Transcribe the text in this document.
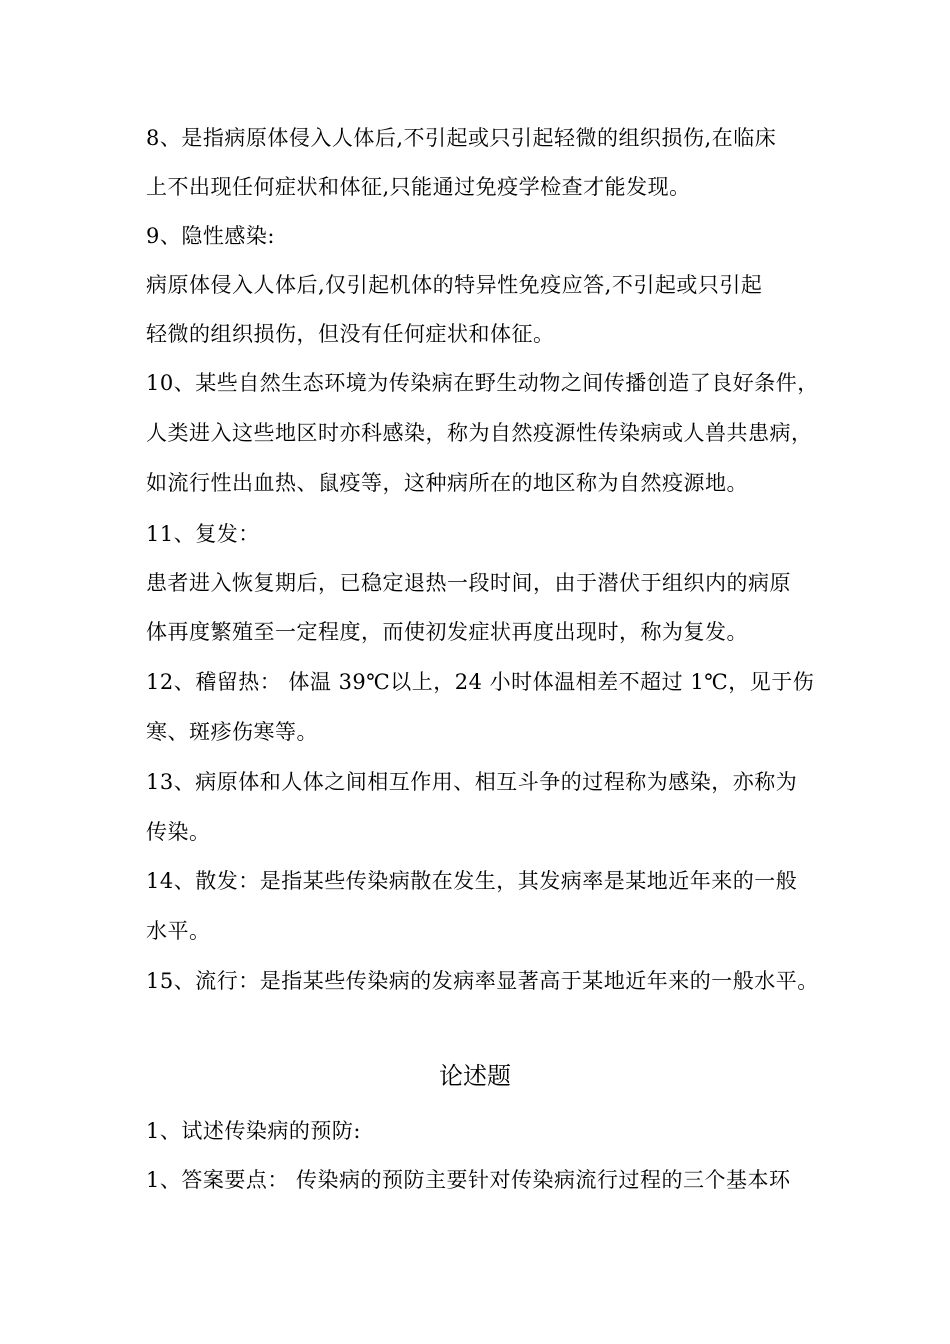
8、是指病原体侵入人体后,不引起或只引起轻微的组织损伤,在临床
上不出现任何症状和体征,只能通过免疫学检查才能发现。
9、隐性感染:
病原体侵入人体后,仅引起机体的特异性免疫应答,不引起或只引起
轻微的组织损伤，但没有任何症状和体征。
10、某些自然生态环境为传染病在野生动物之间传播创造了良好条件，
人类进入这些地区时亦科感染，称为自然疫源性传染病或人兽共患病，
如流行性出血热、鼠疫等，这种病所在的地区称为自然疫源地。
11、复发：
患者进入恢复期后，已稳定退热一段时间，由于潜伏于组织内的病原
体再度繁殖至一定程度，而使初发症状再度出现时，称为复发。
12、稽留热： 体温 39℃以上，24 小时体温相差不超过 1℃，见于伤
寒、斑疹伤寒等。
13、病原体和人体之间相互作用、相互斗争的过程称为感染，亦称为
传染。
14、散发：是指某些传染病散在发生，其发病率是某地近年来的一般
水平。
15、流行：是指某些传染病的发病率显著高于某地近年来的一般水平。
论述题
1、试述传染病的预防:
1、答案要点： 传染病的预防主要针对传染病流行过程的三个基本环
